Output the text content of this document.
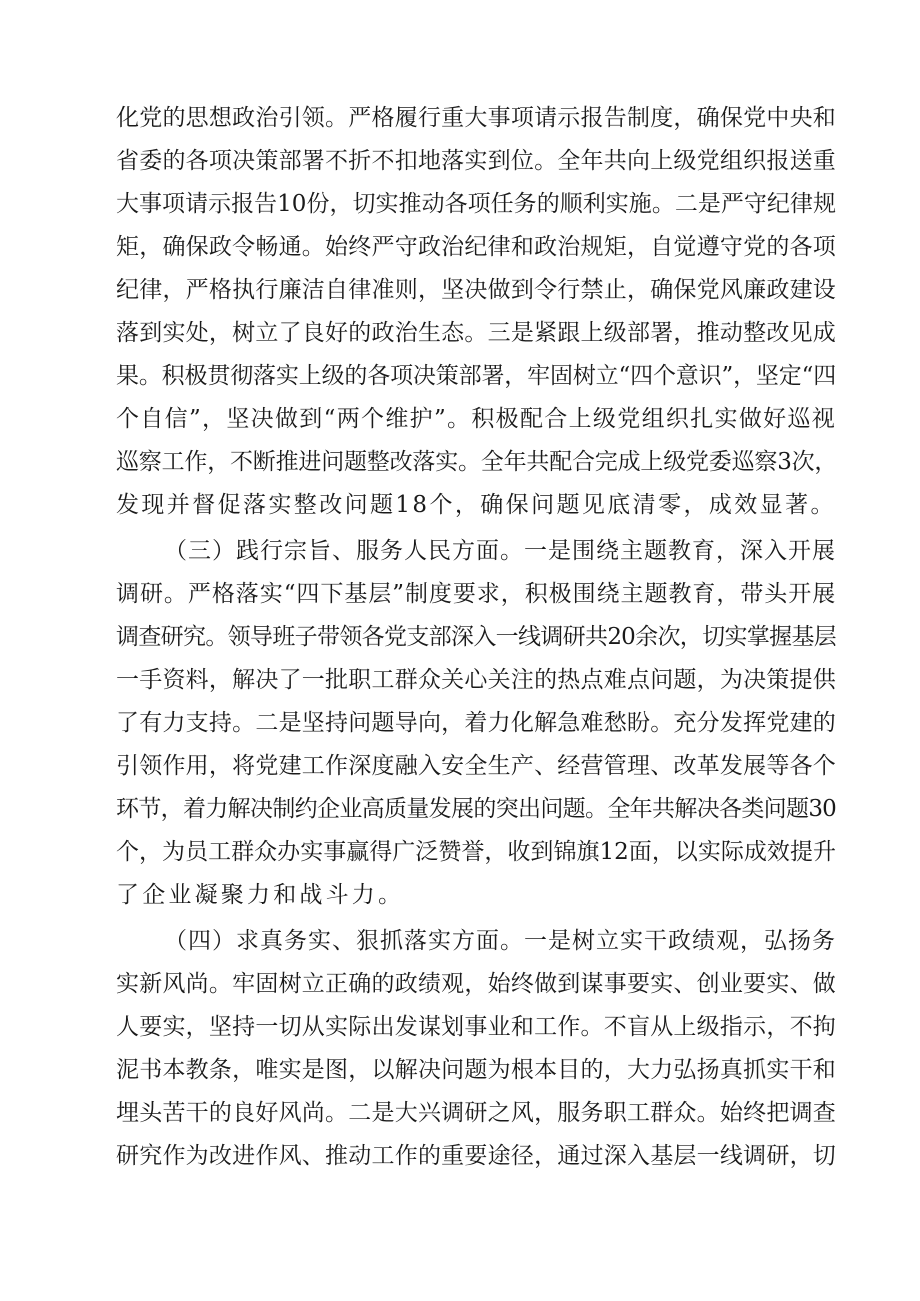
化党的思想政治引领。严格履行重大事项请示报告制度，确保党中央和
省委的各项决策部署不折不扣地落实到位。全年共向上级党组织报送重
大事项请示报告10份，切实推动各项任务的顺利实施。二是严守纪律规
矩，确保政令畅通。始终严守政治纪律和政治规矩，自觉遵守党的各项
纪律，严格执行廉洁自律准则，坚决做到令行禁止，确保党风廉政建设
落到实处，树立了良好的政治生态。三是紧跟上级部署，推动整改见成
果。积极贯彻落实上级的各项决策部署，牢固树立“四个意识”，坚定“四
个自信”，坚决做到“两个维护”。积极配合上级党组织扎实做好巡视
巡察工作，不断推进问题整改落实。全年共配合完成上级党委巡察3次，
发现并督促落实整改问题18个，确保问题见底清零，成效显著。
（三）践行宗旨、服务人民方面。一是围绕主题教育，深入开展
调研。严格落实“四下基层”制度要求，积极围绕主题教育，带头开展
调查研究。领导班子带领各党支部深入一线调研共20余次，切实掌握基层
一手资料，解决了一批职工群众关心关注的热点难点问题，为决策提供
了有力支持。二是坚持问题导向，着力化解急难愁盼。充分发挥党建的
引领作用，将党建工作深度融入安全生产、经营管理、改革发展等各个
环节，着力解决制约企业高质量发展的突出问题。全年共解决各类问题30
个，为员工群众办实事赢得广泛赞誉，收到锦旗12面，以实际成效提升
了企业凝聚力和战斗力。
（四）求真务实、狠抓落实方面。一是树立实干政绩观，弘扬务
实新风尚。牢固树立正确的政绩观，始终做到谋事要实、创业要实、做
人要实，坚持一切从实际出发谋划事业和工作。不盲从上级指示，不拘
泥书本教条，唯实是图，以解决问题为根本目的，大力弘扬真抓实干和
埋头苦干的良好风尚。二是大兴调研之风，服务职工群众。始终把调查
研究作为改进作风、推动工作的重要途径，通过深入基层一线调研，切
